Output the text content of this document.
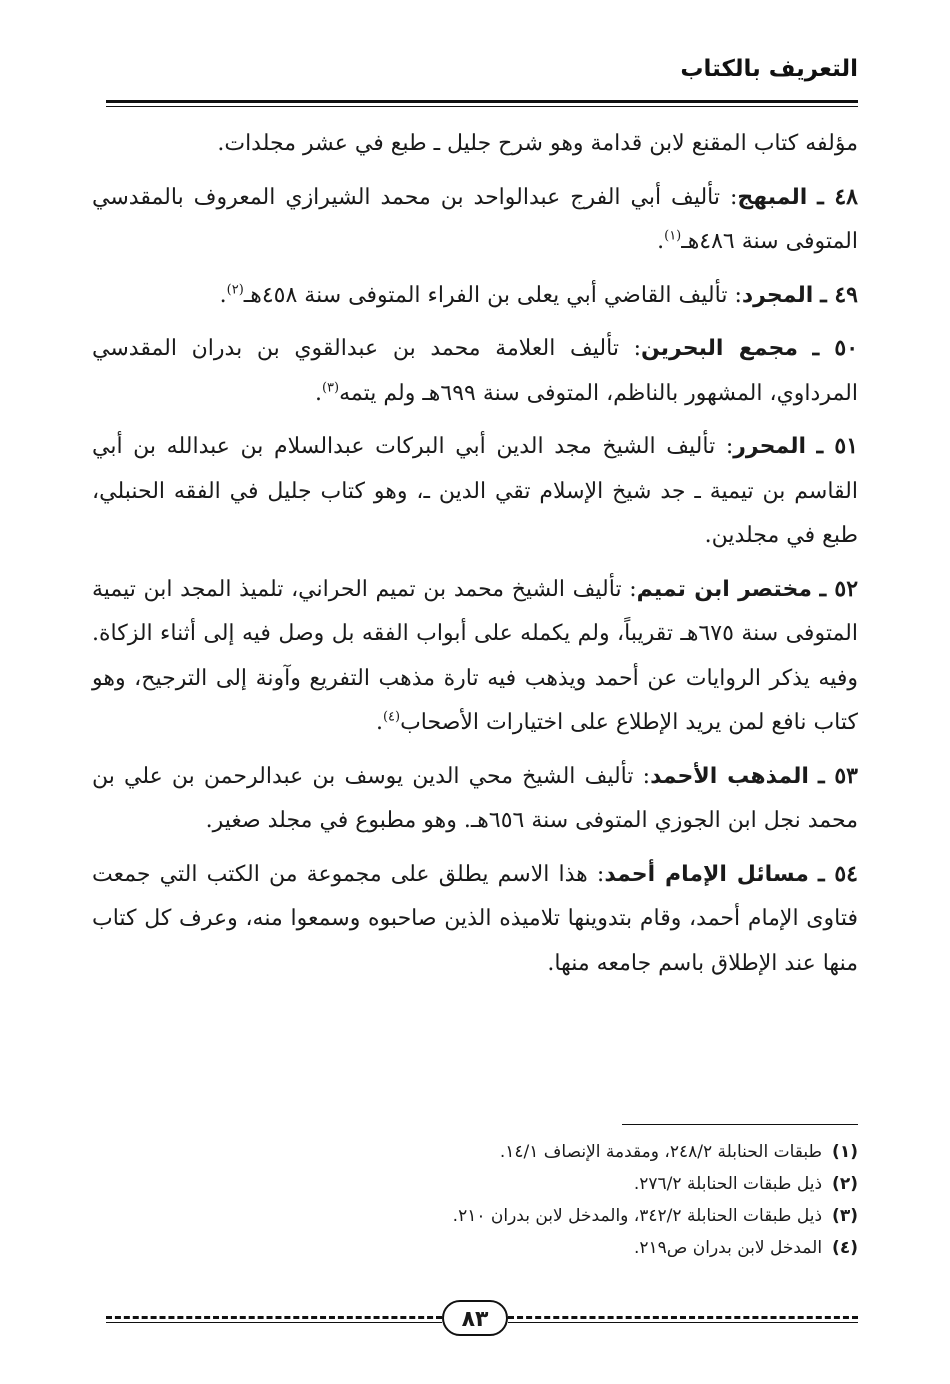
التعريف بالكتاب

مؤلفه كتاب المقنع لابن قدامة وهو شرح جليل ـ طبع في عشر مجلدات.

٤٨ ـ المبهج: تأليف أبي الفرج عبدالواحد بن محمد الشيرازي المعروف بالمقدسي المتوفى سنة ٤٨٦هـ$^{(١)}$.

٤٩ ـ المجرد: تأليف القاضي أبي يعلى بن الفراء المتوفى سنة ٤٥٨هـ$^{(٢)}$.

٥٠ ـ مجمع البحرين: تأليف العلامة محمد بن عبدالقوي بن بدران المقدسي المرداوي، المشهور بالناظم، المتوفى سنة ٦٩٩هـ ولم يتمه$^{(٣)}$.

٥١ ـ المحرر: تأليف الشيخ مجد الدين أبي البركات عبدالسلام بن عبدالله بن أبي القاسم بن تيمية ـ جد شيخ الإسلام تقي الدين ـ، وهو كتاب جليل في الفقه الحنبلي، طبع في مجلدين.

٥٢ ـ مختصر ابن تميم: تأليف الشيخ محمد بن تميم الحراني، تلميذ المجد ابن تيمية المتوفى سنة ٦٧٥هـ تقريباً، ولم يكمله على أبواب الفقه بل وصل فيه إلى أثناء الزكاة. وفيه يذكر الروايات عن أحمد ويذهب فيه تارة مذهب التفريع وآونة إلى الترجيح، وهو كتاب نافع لمن يريد الإطلاع على اختيارات الأصحاب$^{(٤)}$.

٥٣ ـ المذهب الأحمد: تأليف الشيخ محي الدين يوسف بن عبدالرحمن بن علي بن محمد نجل ابن الجوزي المتوفى سنة ٦٥٦هـ. وهو مطبوع في مجلد صغير.

٥٤ ـ مسائل الإمام أحمد: هذا الاسم يطلق على مجموعة من الكتب التي جمعت فتاوى الإمام أحمد، وقام بتدوينها تلاميذه الذين صاحبوه وسمعوا منه، وعرف كل كتاب منها عند الإطلاق باسم جامعه منها.

(١)طبقات الحنابلة ٢٤٨/٢، ومقدمة الإنصاف ١٤/١.

(٢)ذيل طبقات الحنابلة ٢٧٦/٢.

(٣)ذيل طبقات الحنابلة ٣٤٢/٢، والمدخل لابن بدران ٢١٠.

(٤)المدخل لابن بدران ص٢١٩.

٨٣
